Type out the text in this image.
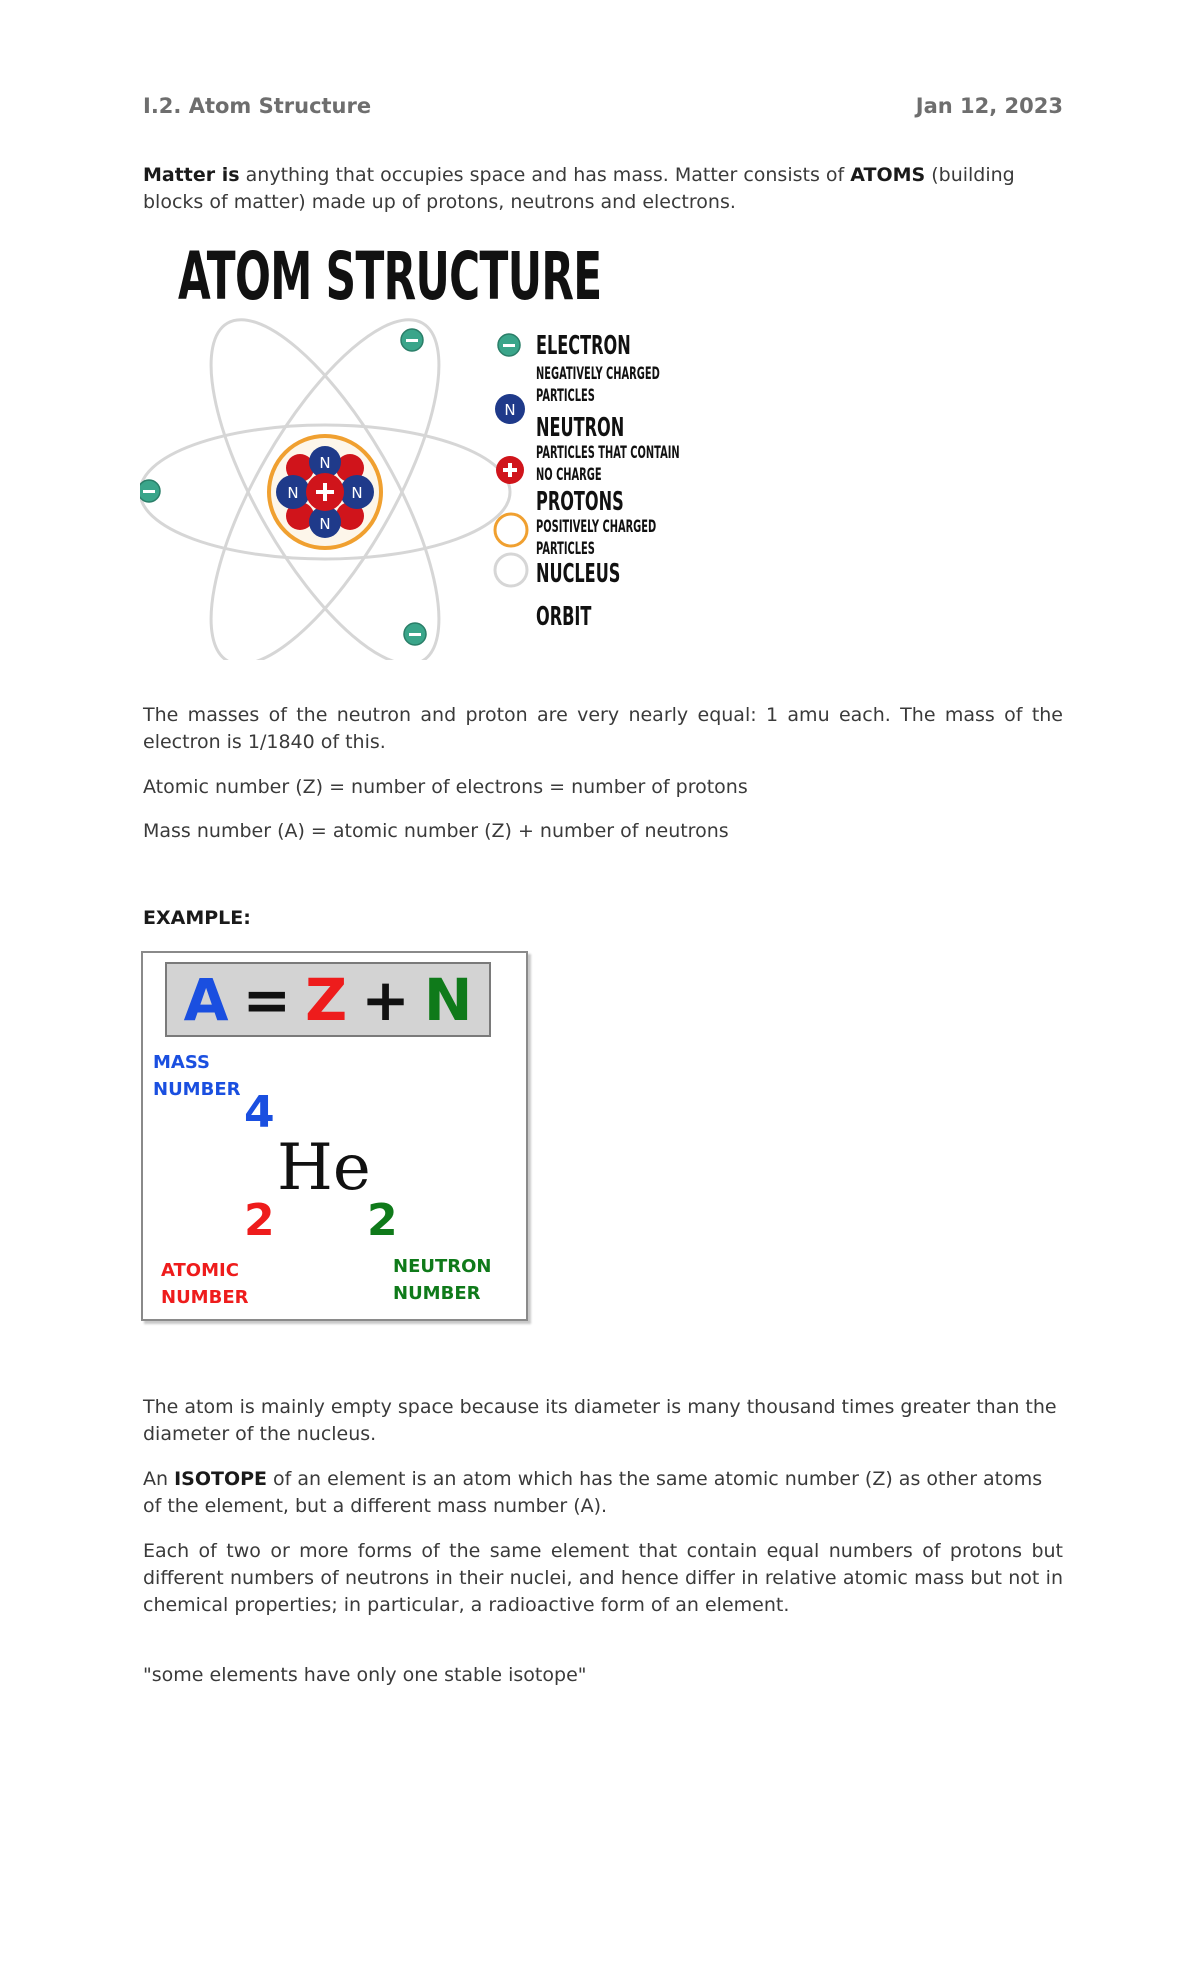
I.2. Atom Structure	Jan 12, 2023
Matter is anything that occupies space and has mass. Matter consists of ATOMS (building blocks of matter) made up of protons, neutrons and electrons.
ATOM STRUCTURE
N
N
N	N
N
ELECTRON
NEGATIVELY CHARGED
PARTICLES
NEUTRON
PARTICLES THAT CONTAIN
NO CHARGE
PROTONS
POSITIVELY CHARGED
PARTICLES
NUCLEUS
ORBIT
The masses of the neutron and proton are very nearly equal: 1 amu each. The mass of the electron is 1/1840 of this.
Atomic number (Z) = number of electrons = number of protons
Mass number (A) = atomic number (Z) + number of neutrons
EXAMPLE:
A = Z + N
MASS
NUMBER 4
He
2 2
ATOMIC
NUMBER
NEUTRON
NUMBER
The atom is mainly empty space because its diameter is many thousand times greater than the diameter of the nucleus.
An ISOTOPE of an element is an atom which has the same atomic number (Z) as other atoms of the element, but a different mass number (A).
Each of two or more forms of the same element that contain equal numbers of protons but different numbers of neutrons in their nuclei, and hence differ in relative atomic mass but not in chemical properties; in particular, a radioactive form of an element.
"some elements have only one stable isotope"
